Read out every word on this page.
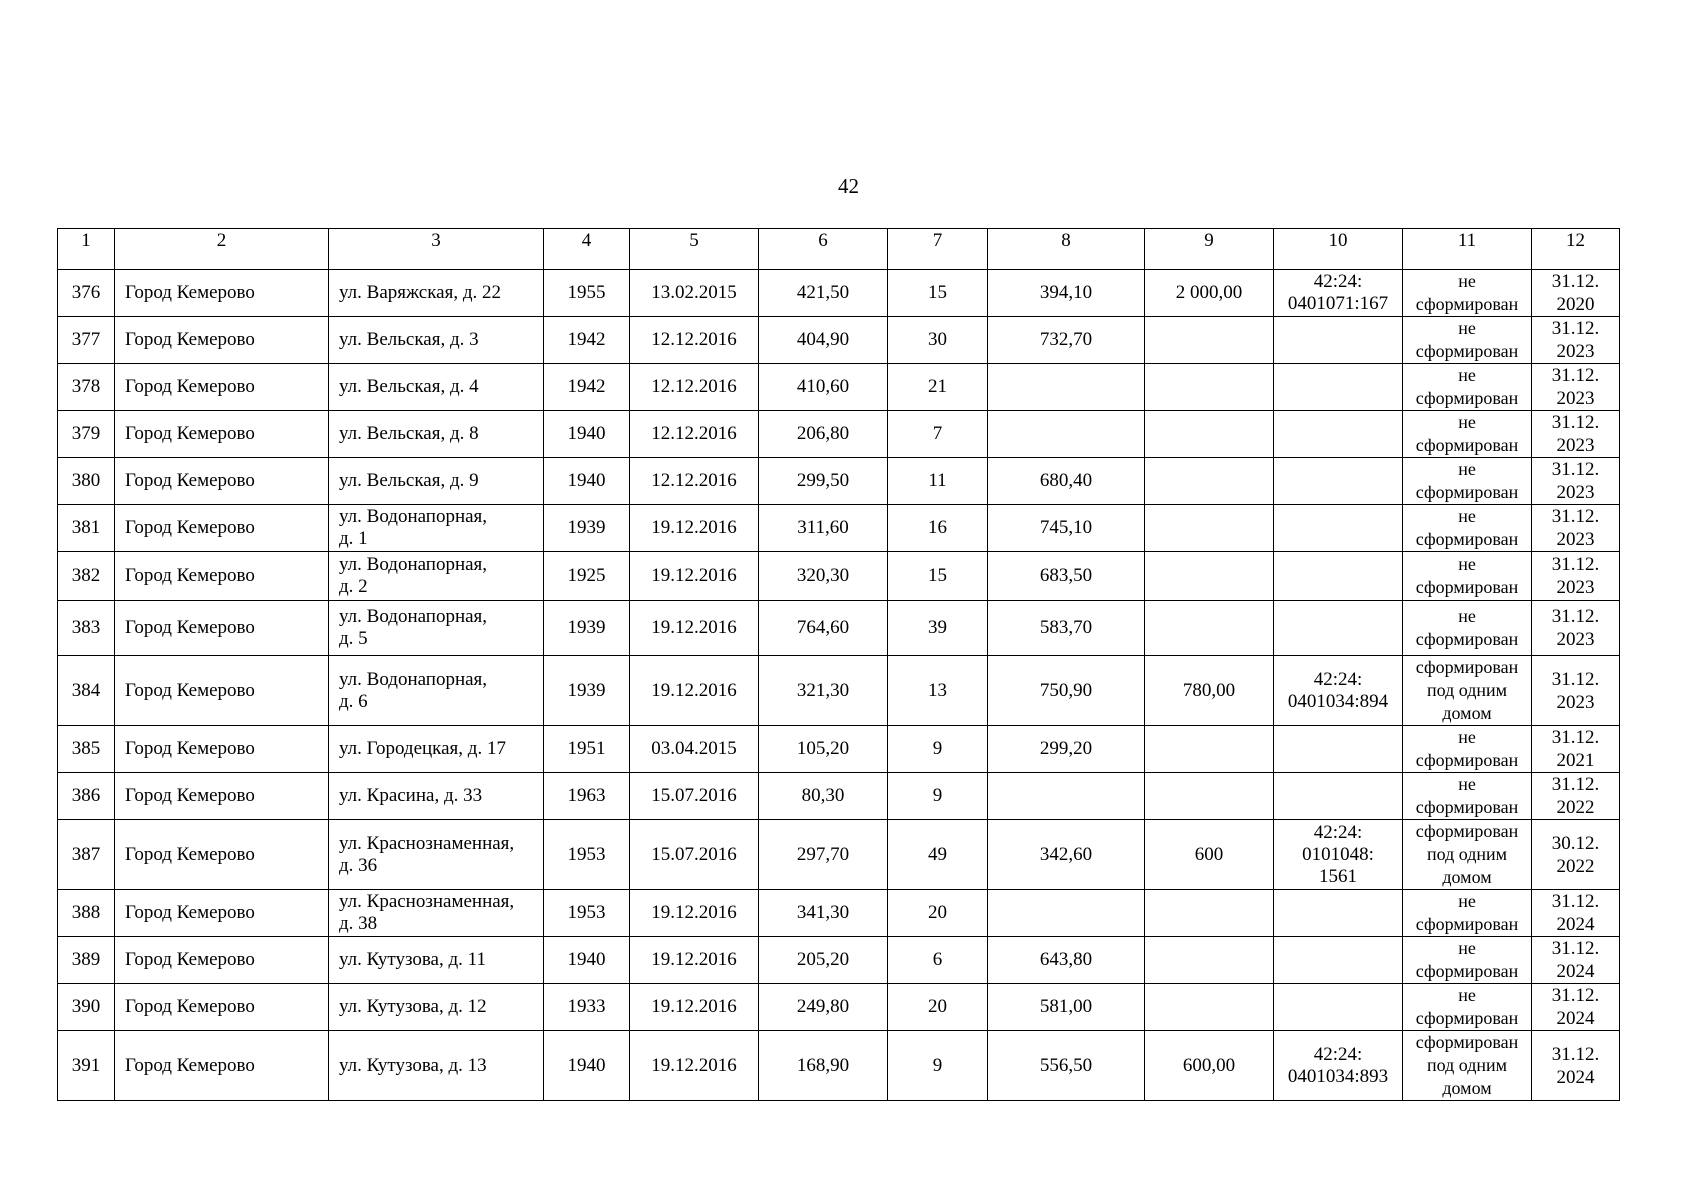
42
1	2	3	4	5	6	7	8	9	10	11	12
376	Город Кемерово	ул. Варяжская, д. 22	1955	13.02.2015	421,50	15	394,10	2 000,00	42:24:
0401071:167	не
сформирован	31.12.
2020
377	Город Кемерово	ул. Вельская, д. 3	1942	12.12.2016	404,90	30	732,70			не
сформирован	31.12.
2023
378	Город Кемерово	ул. Вельская, д. 4	1942	12.12.2016	410,60	21				не
сформирован	31.12.
2023
379	Город Кемерово	ул. Вельская, д. 8	1940	12.12.2016	206,80	7				не
сформирован	31.12.
2023
380	Город Кемерово	ул. Вельская, д. 9	1940	12.12.2016	299,50	11	680,40			не
сформирован	31.12.
2023
381	Город Кемерово	ул. Водонапорная,
д. 1	1939	19.12.2016	311,60	16	745,10			не
сформирован	31.12.
2023
382	Город Кемерово	ул. Водонапорная,
д. 2	1925	19.12.2016	320,30	15	683,50			не
сформирован	31.12.
2023
383	Город Кемерово	ул. Водонапорная,
д. 5	1939	19.12.2016	764,60	39	583,70			не
сформирован	31.12.
2023
384	Город Кемерово	ул. Водонапорная,
д. 6	1939	19.12.2016	321,30	13	750,90	780,00	42:24:
0401034:894	сформирован
под одним
домом	31.12.
2023
385	Город Кемерово	ул. Городецкая, д. 17	1951	03.04.2015	105,20	9	299,20			не
сформирован	31.12.
2021
386	Город Кемерово	ул. Красина, д. 33	1963	15.07.2016	80,30	9				не
сформирован	31.12.
2022
387	Город Кемерово	ул. Краснознаменная,
д. 36	1953	15.07.2016	297,70	49	342,60	600	42:24:
0101048:
1561	сформирован
под одним
домом	30.12.
2022
388	Город Кемерово	ул. Краснознаменная,
д. 38	1953	19.12.2016	341,30	20				не
сформирован	31.12.
2024
389	Город Кемерово	ул. Кутузова, д. 11	1940	19.12.2016	205,20	6	643,80			не
сформирован	31.12.
2024
390	Город Кемерово	ул. Кутузова, д. 12	1933	19.12.2016	249,80	20	581,00			не
сформирован	31.12.
2024
391	Город Кемерово	ул. Кутузова, д. 13	1940	19.12.2016	168,90	9	556,50	600,00	42:24:
0401034:893	сформирован
под одним
домом	31.12.
2024
